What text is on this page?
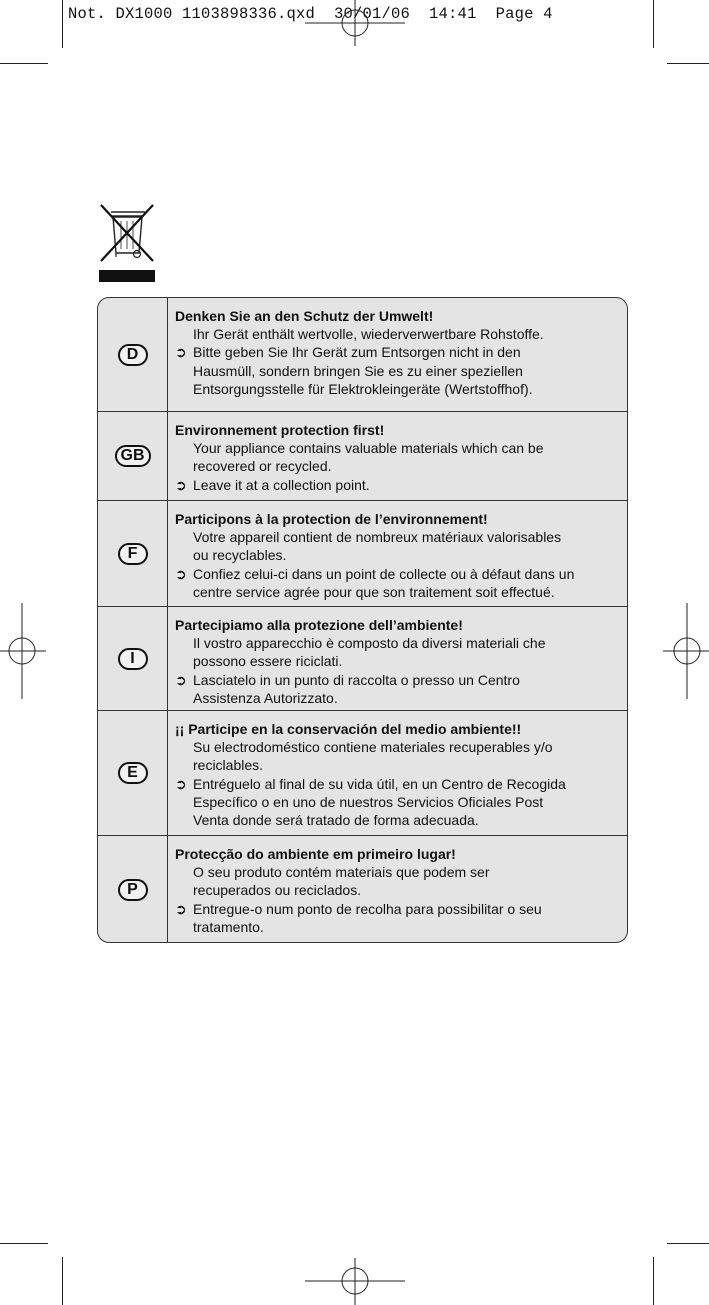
Not. DX1000 1103898336.qxd  30/01/06  14:41  Page 4
D

Denken Sie an den Schutz der Umwelt!

Ihr Gerät enthält wertvolle, wiederverwertbare Rohstoffe.

➲ Bitte geben Sie Ihr Gerät zum Entsorgen nicht in den

Hausmüll, sondern bringen Sie es zu einer speziellen

Entsorgungsstelle für Elektrokleingeräte (Wertstoffhof).

GB

Environnement protection first!

Your appliance contains valuable materials which can be

recovered or recycled.

➲ Leave it at a collection point.

F

Participons à la protection de l’environnement!

Votre appareil contient de nombreux matériaux valorisables

ou recyclables.

➲ Confiez celui-ci dans un point de collecte ou à défaut dans un

centre service agrée pour que son traitement soit effectué.

I

Partecipiamo alla protezione dell’ambiente!

Il vostro apparecchio è composto da diversi materiali che

possono essere riciclati.

➲ Lasciatelo in un punto di raccolta o presso un Centro

Assistenza Autorizzato.

E

¡¡ Participe en la conservación del medio ambiente!!

Su electrodoméstico contiene materiales recuperables y/o

reciclables.

➲ Entréguelo al final de su vida útil, en un Centro de Recogida

Específico o en uno de nuestros Servicios Oficiales Post

Venta donde será tratado de forma adecuada.

P

Protecção do ambiente em primeiro lugar!

O seu produto contém materiais que podem ser

recuperados ou reciclados.

➲ Entregue-o num ponto de recolha para possibilitar o seu

tratamento.
